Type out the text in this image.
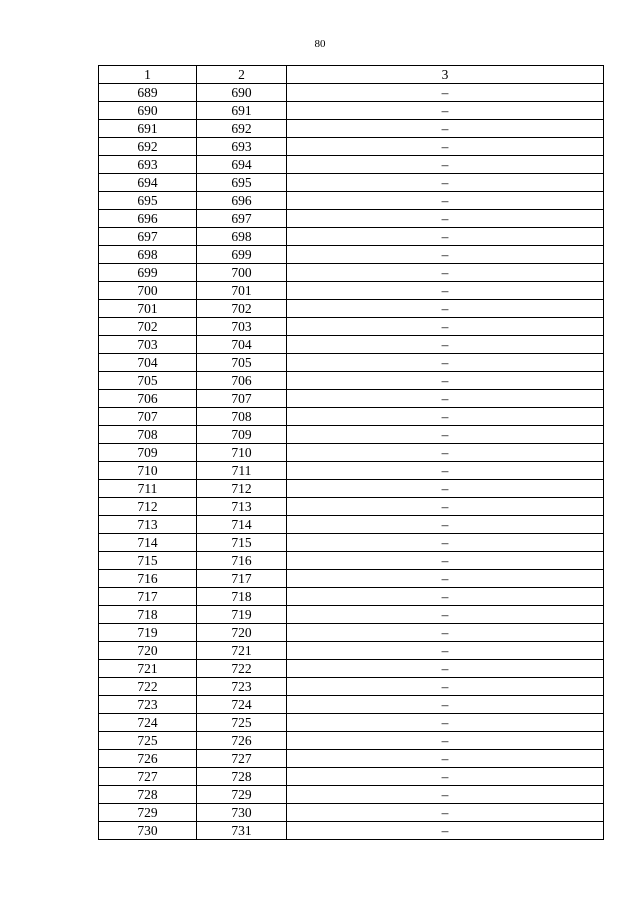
80
1	2	3
689	690	–
690	691	–
691	692	–
692	693	–
693	694	–
694	695	–
695	696	–
696	697	–
697	698	–
698	699	–
699	700	–
700	701	–
701	702	–
702	703	–
703	704	–
704	705	–
705	706	–
706	707	–
707	708	–
708	709	–
709	710	–
710	711	–
711	712	–
712	713	–
713	714	–
714	715	–
715	716	–
716	717	–
717	718	–
718	719	–
719	720	–
720	721	–
721	722	–
722	723	–
723	724	–
724	725	–
725	726	–
726	727	–
727	728	–
728	729	–
729	730	–
730	731	–
